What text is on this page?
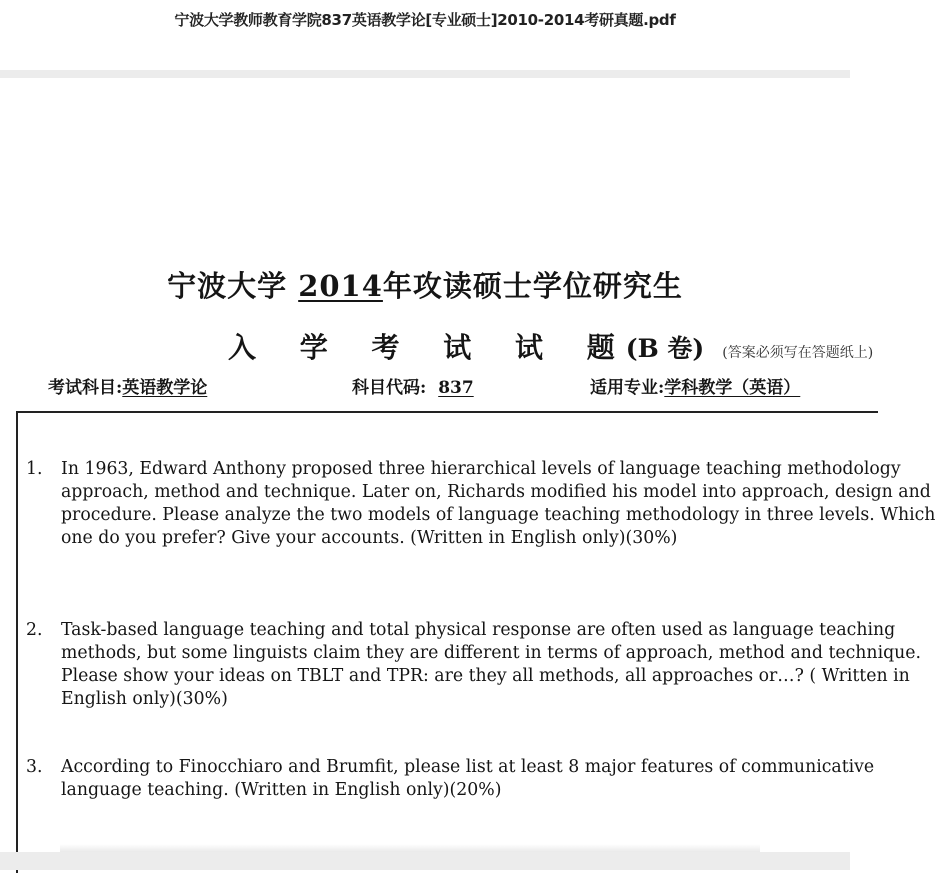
宁波大学教师教育学院837英语教学论[专业硕士]2010-2014考研真题.pdf
宁波大学 2014年攻读硕士学位研究生
入 学 考 试 试 题(B 卷) (答案必须写在答题纸上)
考试科目:英语教学论	科目代码: 837	适用专业:学科教学（英语）
1. In 1963, Edward Anthony proposed three hierarchical levels of language teaching methodology
approach, method and technique. Later on, Richards modified his model into approach, design and
procedure. Please analyze the two models of language teaching methodology in three levels. Which
one do you prefer? Give your accounts. (Written in English only)(30%)
2. Task-based language teaching and total physical response are often used as language teaching
methods, but some linguists claim they are different in terms of approach, method and technique.
Please show your ideas on TBLT and TPR: are they all methods, all approaches or…? ( Written in
English only)(30%)
3. According to Finocchiaro and Brumfit, please list at least 8 major features of communicative
language teaching. (Written in English only)(20%)
